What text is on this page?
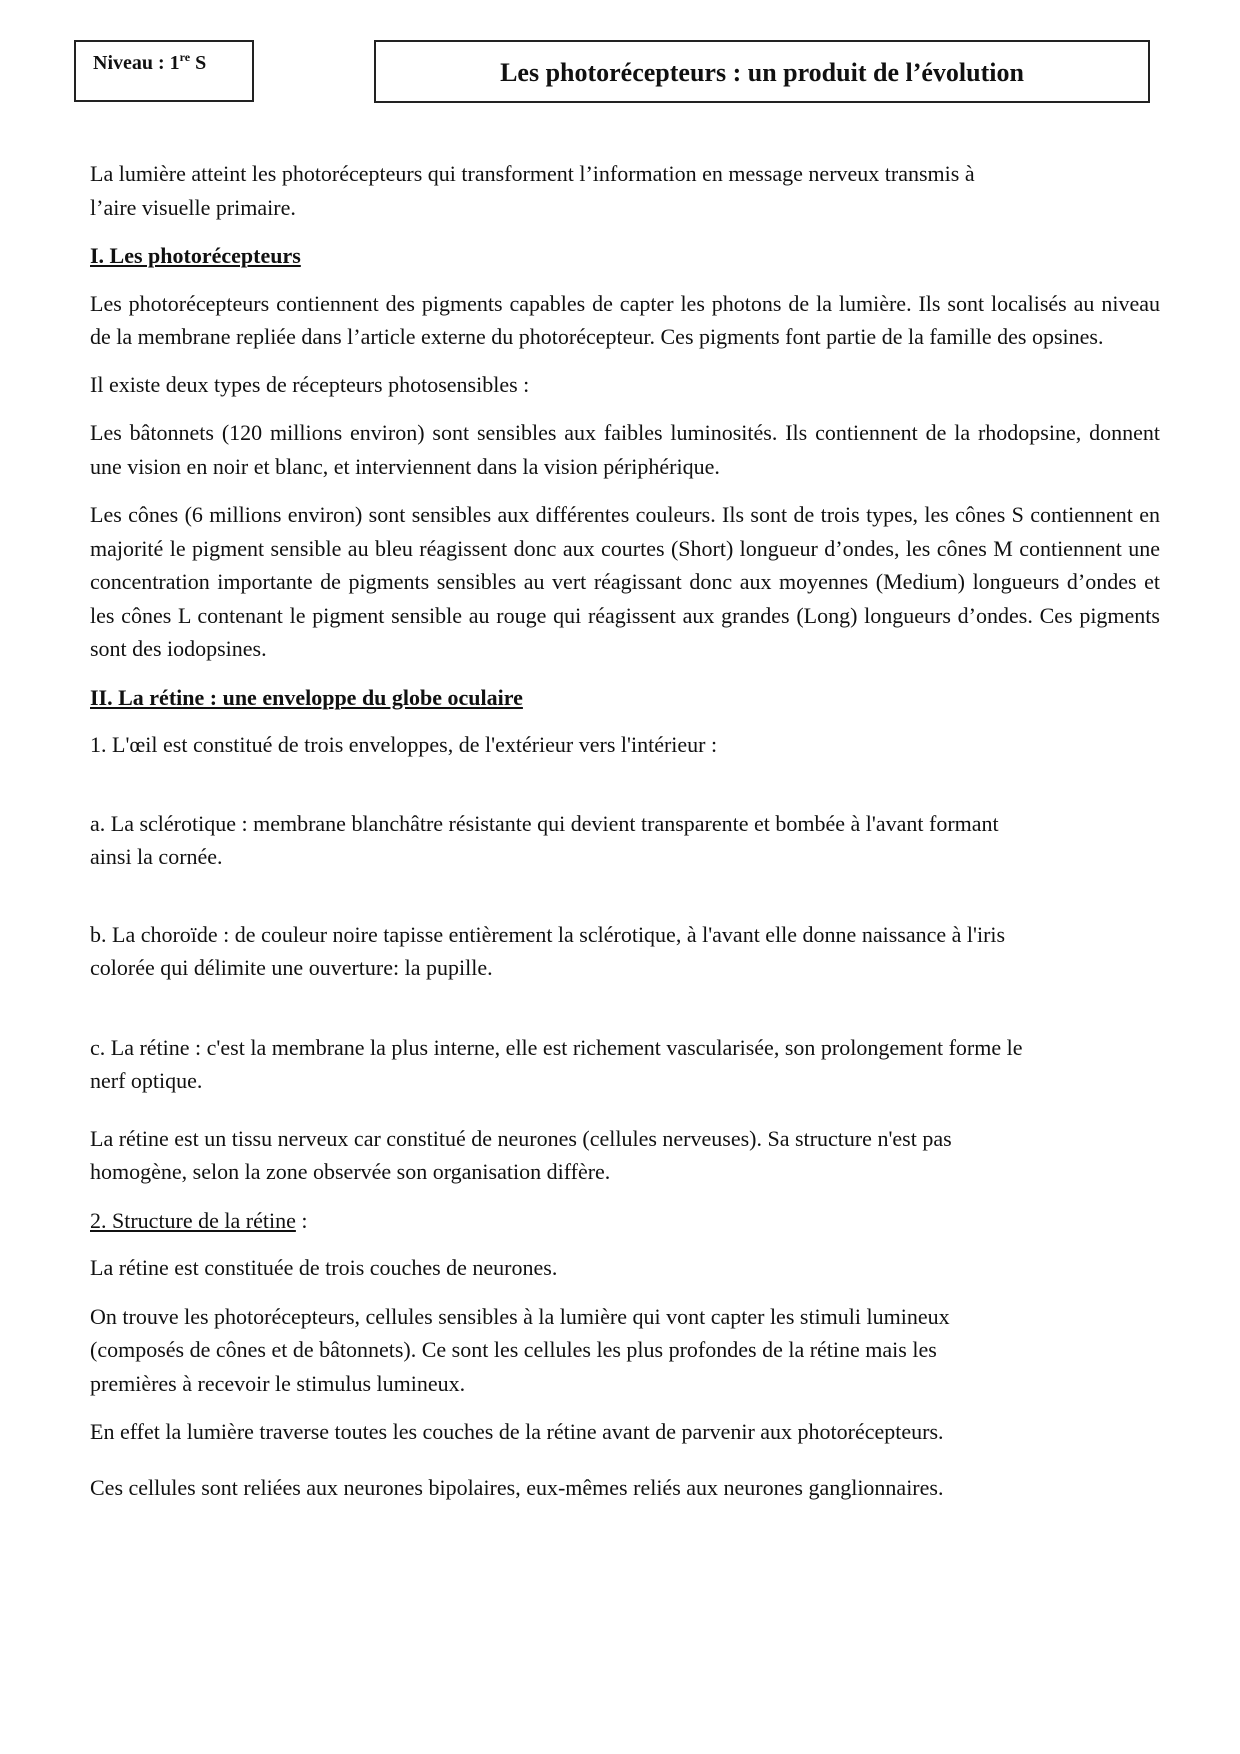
Niveau : 1re S	Les photorécepteurs : un produit de l’évolution

La lumière atteint les photorécepteurs qui transforment l’information en message nerveux transmis à

l’aire visuelle primaire.

I. Les photorécepteurs

Les photorécepteurs contiennent des pigments capables de capter les photons de la lumière. Ils sont localisés au niveau de la membrane repliée dans l’article externe du photorécepteur. Ces pigments font partie de la famille des opsines.

Il existe deux types de récepteurs photosensibles :

Les bâtonnets (120 millions environ) sont sensibles aux faibles luminosités. Ils contiennent de la rhodopsine, donnent une vision en noir et blanc, et interviennent dans la vision périphérique.

Les cônes (6 millions environ) sont sensibles aux différentes couleurs. Ils sont de trois types, les cônes S contiennent en majorité le pigment sensible au bleu réagissent donc aux courtes (Short) longueur d’ondes, les cônes M contiennent une concentration importante de pigments sensibles au vert réagissant donc aux moyennes (Medium) longueurs d’ondes et les cônes L contenant le pigment sensible au rouge qui réagissent aux grandes (Long) longueurs d’ondes. Ces pigments sont des iodopsines.

II. La rétine : une enveloppe du globe oculaire

1. L'œil est constitué de trois enveloppes, de l'extérieur vers l'intérieur :

a. La sclérotique : membrane blanchâtre résistante qui devient transparente et bombée à l'avant formant

ainsi la cornée.

b. La choroïde : de couleur noire tapisse entièrement la sclérotique, à l'avant elle donne naissance à l'iris

colorée qui délimite une ouverture: la pupille.

c. La rétine : c'est la membrane la plus interne, elle est richement vascularisée, son prolongement forme le

nerf optique.

La rétine est un tissu nerveux car constitué de neurones (cellules nerveuses). Sa structure n'est pas

homogène, selon la zone observée son organisation diffère.

2. Structure de la rétine :

La rétine est constituée de trois couches de neurones.

On trouve les photorécepteurs, cellules sensibles à la lumière qui vont capter les stimuli lumineux

(composés de cônes et de bâtonnets). Ce sont les cellules les plus profondes de la rétine mais les

premières à recevoir le stimulus lumineux.

En effet la lumière traverse toutes les couches de la rétine avant de parvenir aux photorécepteurs.

Ces cellules sont reliées aux neurones bipolaires, eux-mêmes reliés aux neurones ganglionnaires.
